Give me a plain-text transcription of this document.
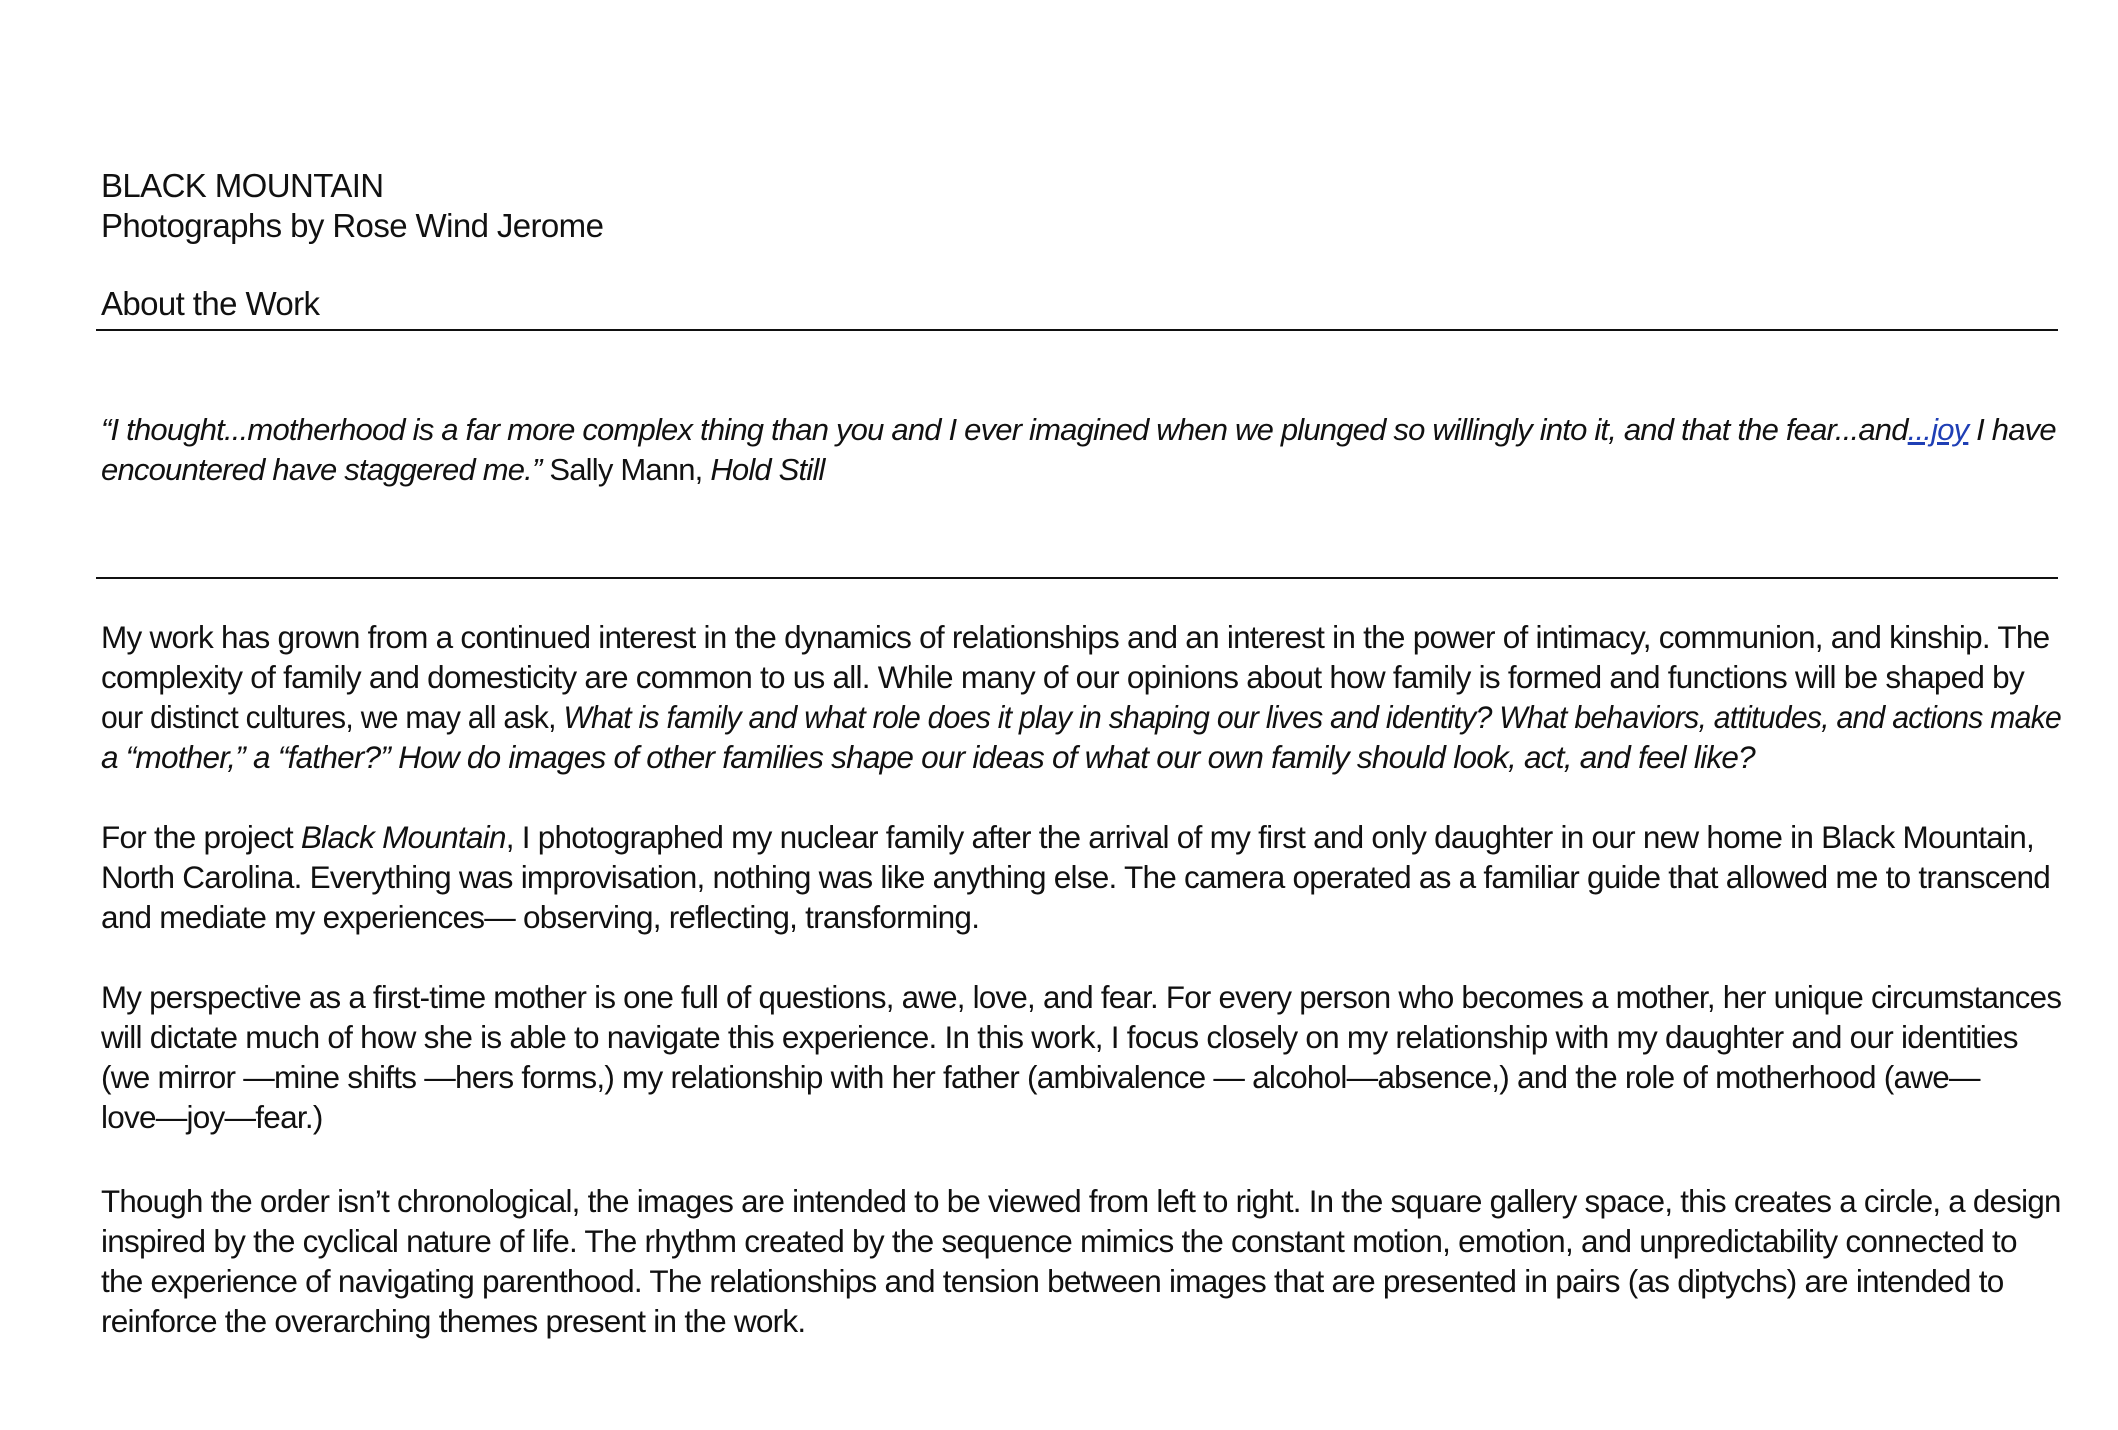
BLACK MOUNTAIN
Photographs by Rose Wind Jerome
About the Work
“I thought...motherhood is a far more complex thing than you and I ever imagined when we plunged so willingly into it, and that the fear...and...joy I have
encountered have staggered me.” Sally Mann, Hold Still

My work has grown from a continued interest in the dynamics of relationships and an interest in the power of intimacy, communion, and kinship. The
complexity of family and domesticity are common to us all. While many of our opinions about how family is formed and functions will be shaped by
our distinct cultures, we may all ask, What is family and what role does it play in shaping our lives and identity? What behaviors, attitudes, and actions make
a “mother,” a “father?” How do images of other families shape our ideas of what our own family should look, act, and feel like?

For the project Black Mountain, I photographed my nuclear family after the arrival of my first and only daughter in our new home in Black Mountain,
North Carolina. Everything was improvisation, nothing was like anything else. The camera operated as a familiar guide that allowed me to transcend
and mediate my experiences— observing, reflecting, transforming.

My perspective as a first-time mother is one full of questions, awe, love, and fear. For every person who becomes a mother, her unique circumstances
will dictate much of how she is able to navigate this experience. In this work, I focus closely on my relationship with my daughter and our identities
(we mirror —mine shifts —hers forms,) my relationship with her father (ambivalence — alcohol—absence,) and the role of motherhood (awe—
love—joy—fear.)

Though the order isn’t chronological, the images are intended to be viewed from left to right. In the square gallery space, this creates a circle, a design
inspired by the cyclical nature of life. The rhythm created by the sequence mimics the constant motion, emotion, and unpredictability connected to
the experience of navigating parenthood. The relationships and tension between images that are presented in pairs (as diptychs) are intended to
reinforce the overarching themes present in the work.
